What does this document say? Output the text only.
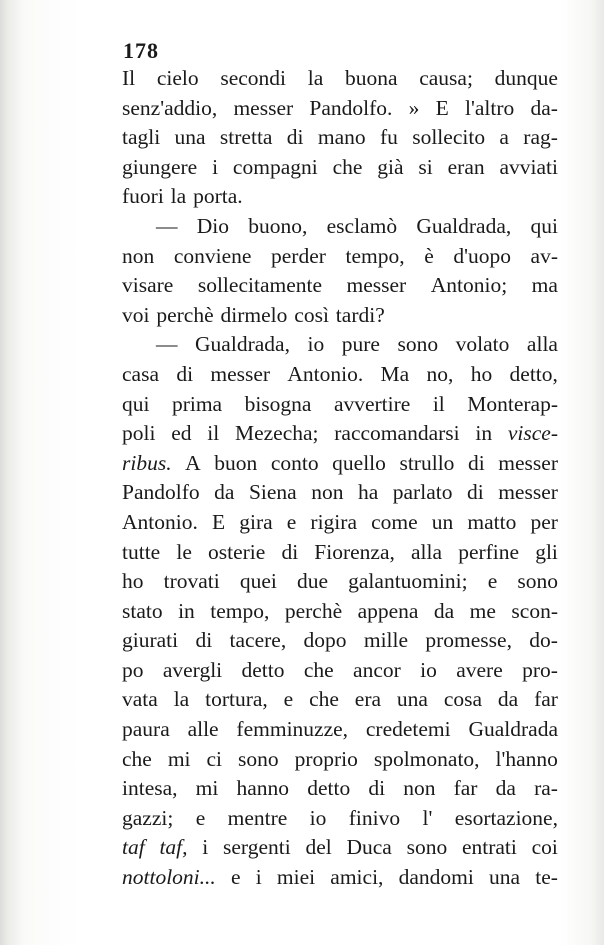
178
Il cielo secondi la buona causa; dunque
senz'addio, messer Pandolfo. » E l'altro da-
tagli una stretta di mano fu sollecito a rag-
giungere i compagni che già si eran avviati
fuori la porta.
— Dio buono, esclamò Gualdrada, qui
non conviene perder tempo, è d'uopo av-
visare sollecitamente messer Antonio; ma
voi perchè dirmelo così tardi?
— Gualdrada, io pure sono volato alla
casa di messer Antonio. Ma no, ho detto,
qui prima bisogna avvertire il Monterap-
poli ed il Mezecha; raccomandarsi in visce-
ribus. A buon conto quello strullo di messer
Pandolfo da Siena non ha parlato di messer
Antonio. E gira e rigira come un matto per
tutte le osterie di Fiorenza, alla perfine gli
ho trovati quei due galantuomini; e sono
stato in tempo, perchè appena da me scon-
giurati di tacere, dopo mille promesse, do-
po avergli detto che ancor io avere pro-
vata la tortura, e che era una cosa da far
paura alle femminuzze, credetemi Gualdrada
che mi ci sono proprio spolmonato, l'hanno
intesa, mi hanno detto di non far da ra-
gazzi; e mentre io finivo l' esortazione,
taf taf, i sergenti del Duca sono entrati coi
nottoloni... e i miei amici, dandomi una te-
